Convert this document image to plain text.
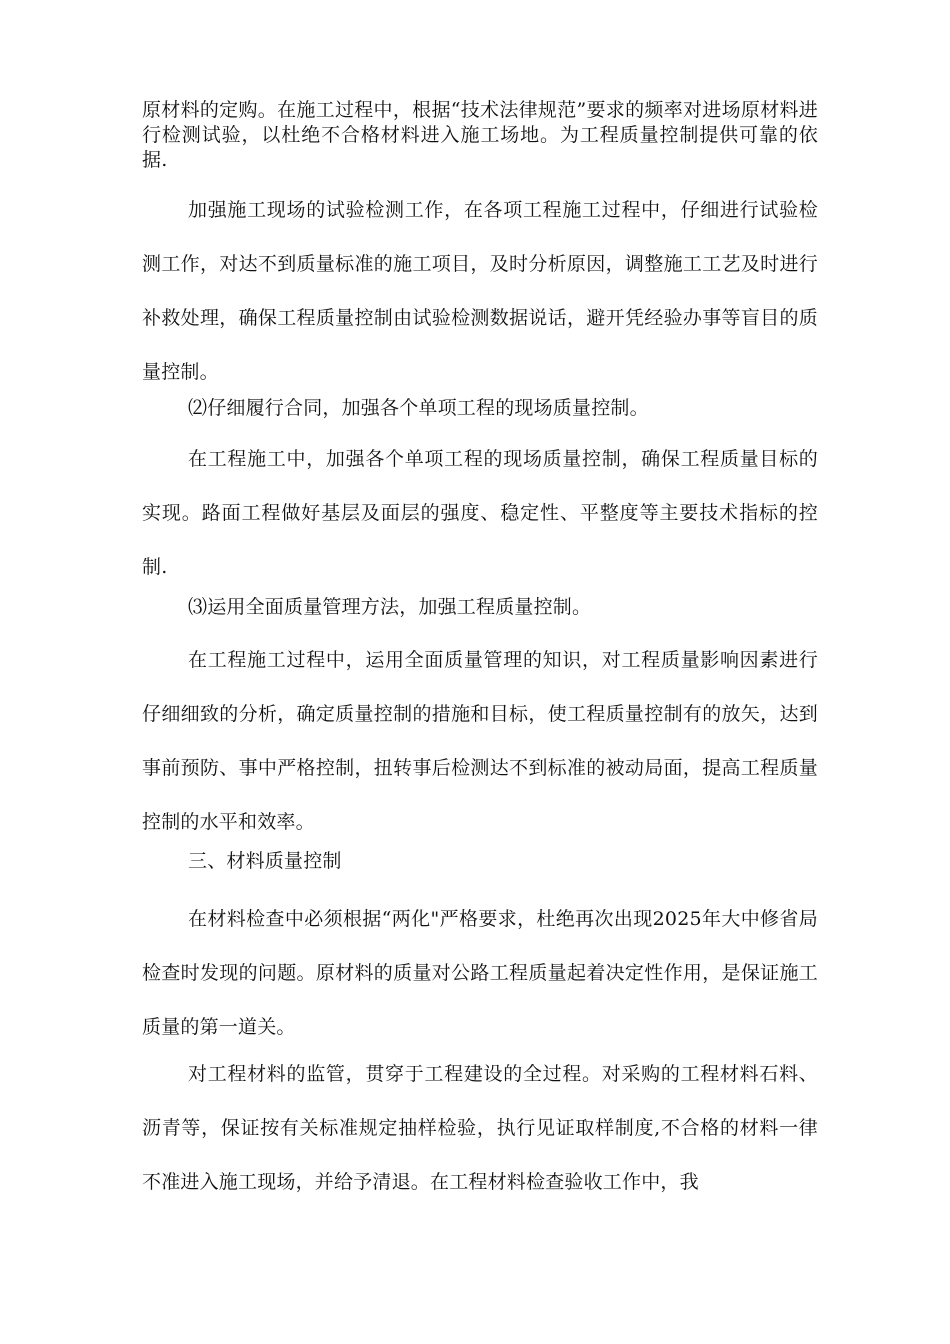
原材料的定购。在施工过程中，根据“技术法律规范”要求的频率对进场原材料进行检测试验，以杜绝不合格材料进入施工场地。为工程质量控制提供可靠的依据.
加强施工现场的试验检测工作，在各项工程施工过程中，仔细进行试验检测工作，对达不到质量标准的施工项目，及时分析原因，调整施工工艺及时进行补救处理，确保工程质量控制由试验检测数据说话，避开凭经验办事等盲目的质量控制。
⑵仔细履行合同，加强各个单项工程的现场质量控制。
在工程施工中，加强各个单项工程的现场质量控制，确保工程质量目标的实现。路面工程做好基层及面层的强度、稳定性、平整度等主要技术指标的控制.
⑶运用全面质量管理方法，加强工程质量控制。
在工程施工过程中，运用全面质量管理的知识，对工程质量影响因素进行仔细细致的分析，确定质量控制的措施和目标，使工程质量控制有的放矢，达到事前预防、事中严格控制，扭转事后检测达不到标准的被动局面，提高工程质量控制的水平和效率。
三、材料质量控制
在材料检查中必须根据“两化"严格要求，杜绝再次出现2025年大中修省局检查时发现的问题。原材料的质量对公路工程质量起着决定性作用，是保证施工质量的第一道关。
对工程材料的监管，贯穿于工程建设的全过程。对采购的工程材料石料、沥青等，保证按有关标准规定抽样检验，执行见证取样制度,不合格的材料一律不准进入施工现场，并给予清退。在工程材料检查验收工作中，我
